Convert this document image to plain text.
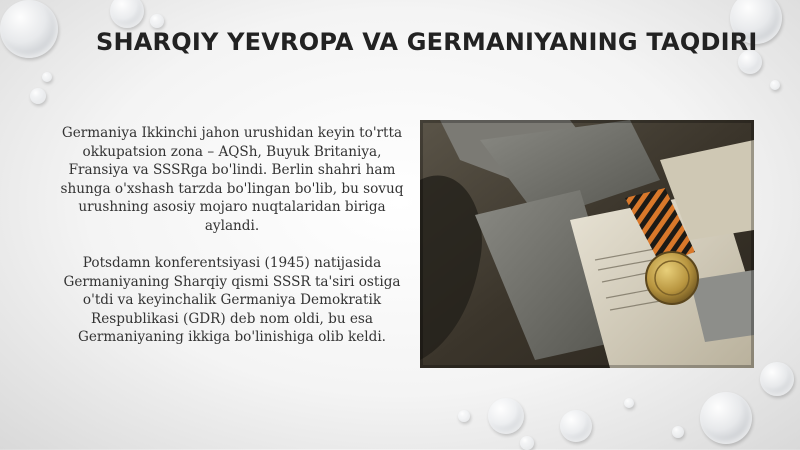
SHARQIY YEVROPA VA GERMANIYANING TAQDIRI

Germaniya Ikkinchi jahon urushidan keyin to'rtta okkupatsion zona – AQSh, Buyuk Britaniya, Fransiya va SSSRga bo'lindi. Berlin shahri ham shunga o'xshash tarzda bo'lingan bo'lib, bu sovuq urushning asosiy mojaro nuqtalaridan biriga aylandi.

Potsdamn konferentsiyasi (1945) natijasida Germaniyaning Sharqiy qismi SSSR ta'siri ostiga o'tdi va keyinchalik Germaniya Demokratik Respublikasi (GDR) deb nom oldi, bu esa Germaniyaning ikkiga bo'linishiga olib keldi.
